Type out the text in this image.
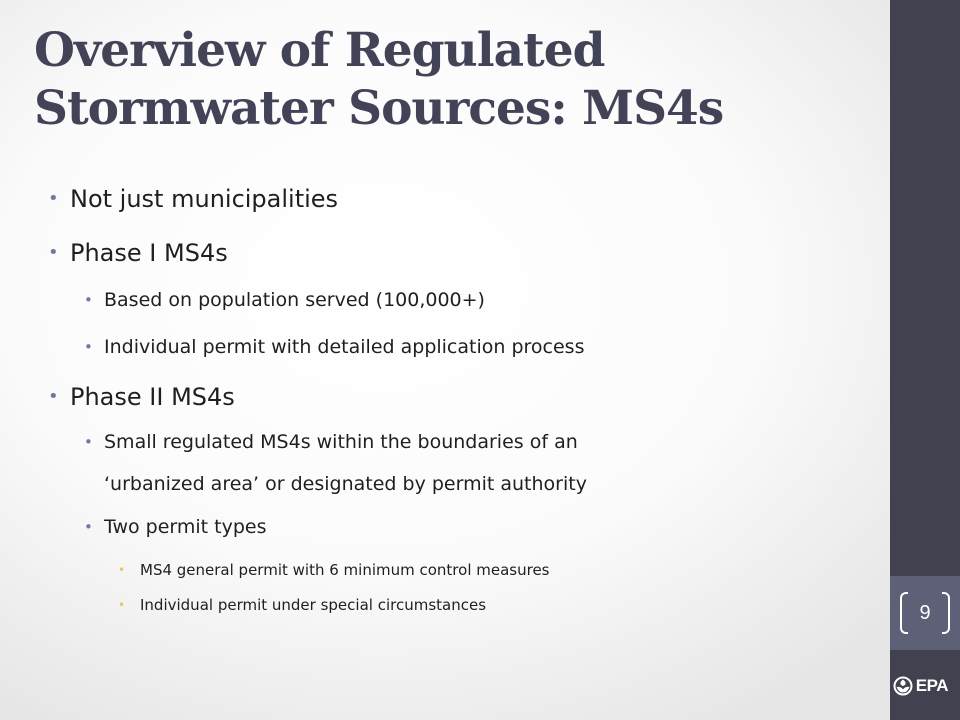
Overview of Regulated
Stormwater Sources: MS4s
• Not just municipalities
• Phase I MS4s
• Based on population served (100,000+)
• Individual permit with detailed application process
• Phase II MS4s
• Small regulated MS4s within the boundaries of an
‘urbanized area’ or designated by permit authority
• Two permit types
• MS4 general permit with 6 minimum control measures
• Individual permit under special circumstances	9
EPA
